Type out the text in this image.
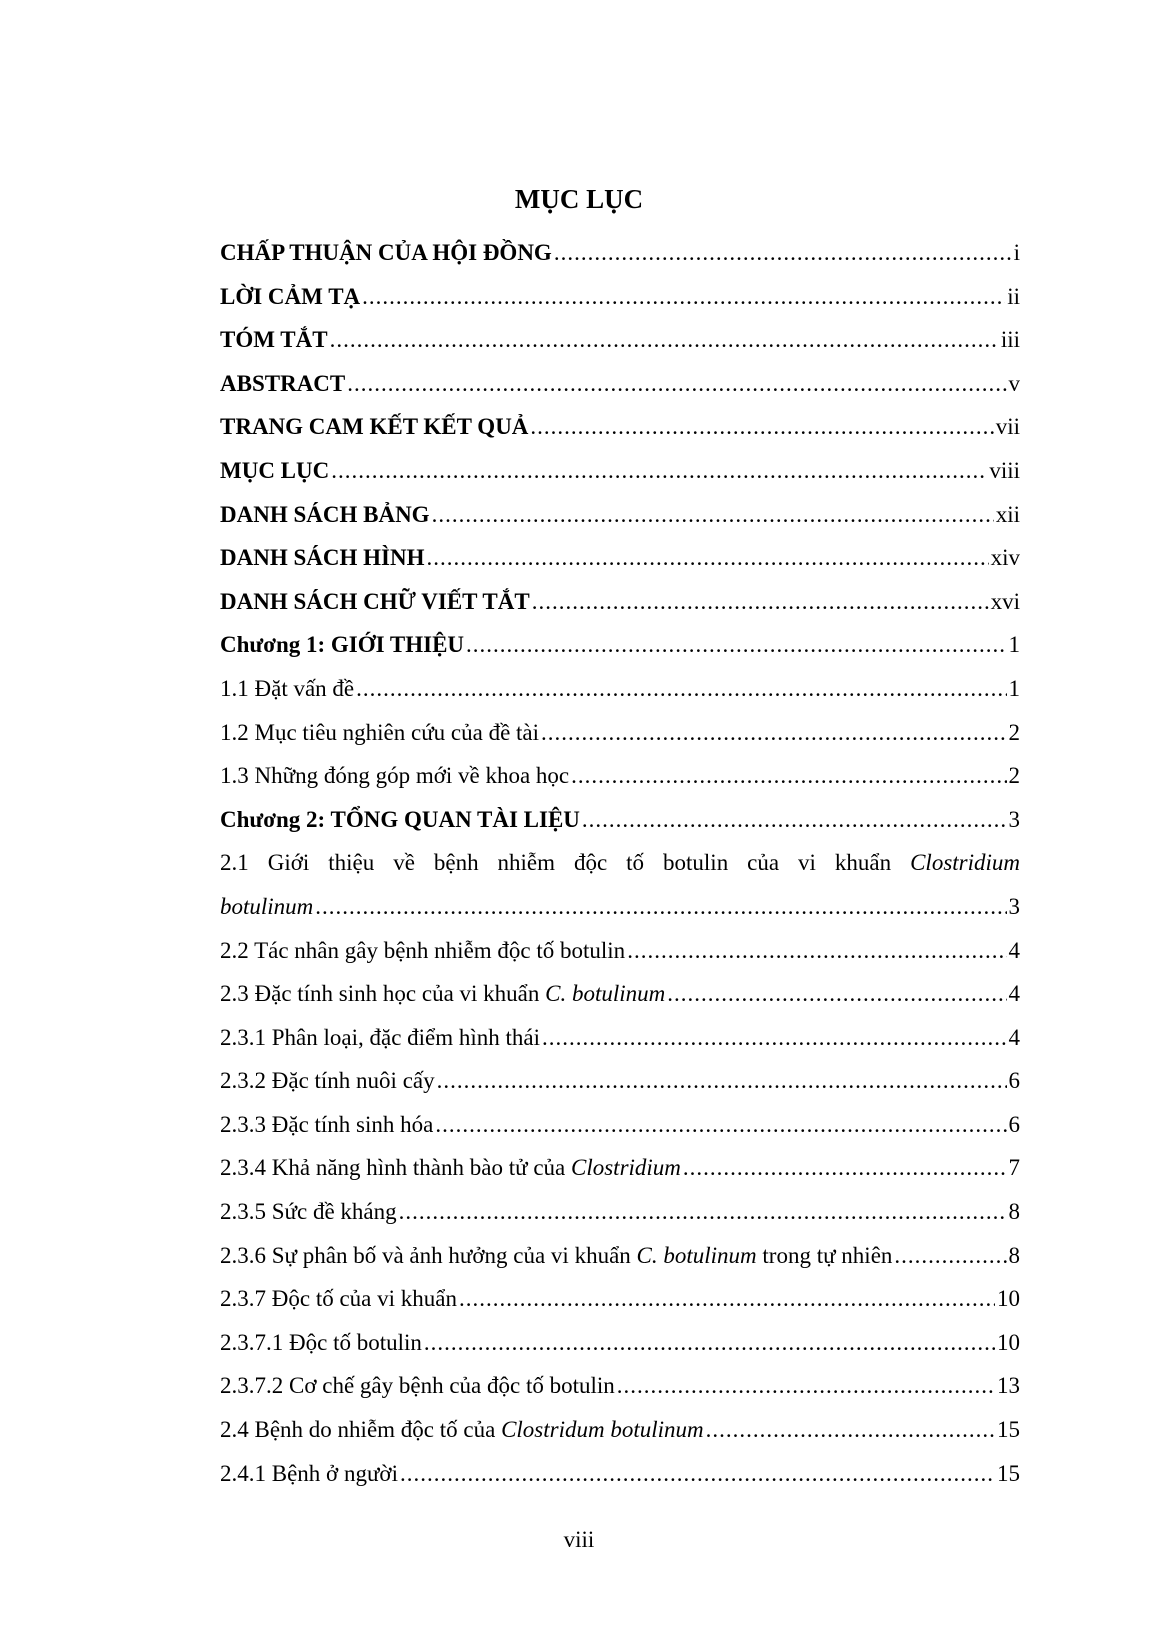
MỤC LỤC
CHẤP THUẬN CỦA HỘI ĐỒNG .....	i
LỜI CẢM TẠ .....	ii
TÓM TẮT .....	iii
ABSTRACT .....	v
TRANG CAM KẾT KẾT QUẢ .....	vii
MỤC LỤC .....	viii
DANH SÁCH BẢNG .....	xii
DANH SÁCH HÌNH .....	xiv
DANH SÁCH CHỮ VIẾT TẮT .....	xvi
Chương 1: GIỚI THIỆU .....	1
1.1 Đặt vấn đề .....	1
1.2 Mục tiêu nghiên cứu của đề tài .....	2
1.3 Những đóng góp mới về khoa học .....	2
Chương 2: TỔNG QUAN TÀI LIỆU .....	3
2.1 Giới thiệu về bệnh nhiễm độc tố botulin của vi khuẩn Clostridium
botulinum .....	3
2.2 Tác nhân gây bệnh nhiễm độc tố botulin .....	4
2.3 Đặc tính sinh học của vi khuẩn C. botulinum .....	4
2.3.1 Phân loại, đặc điểm hình thái .....	4
2.3.2 Đặc tính nuôi cấy .....	6
2.3.3 Đặc tính sinh hóa .....	6
2.3.4 Khả năng hình thành bào tử của Clostridium .....	7
2.3.5 Sức đề kháng .....	8
2.3.6 Sự phân bố và ảnh hưởng của vi khuẩn C. botulinum trong tự nhiên .....	8
2.3.7 Độc tố của vi khuẩn .....	10
2.3.7.1 Độc tố botulin .....	10
2.3.7.2 Cơ chế gây bệnh của độc tố botulin .....	13
2.4 Bệnh do nhiễm độc tố của Clostridum botulinum .....	15
2.4.1 Bệnh ở người .....	15
viii
